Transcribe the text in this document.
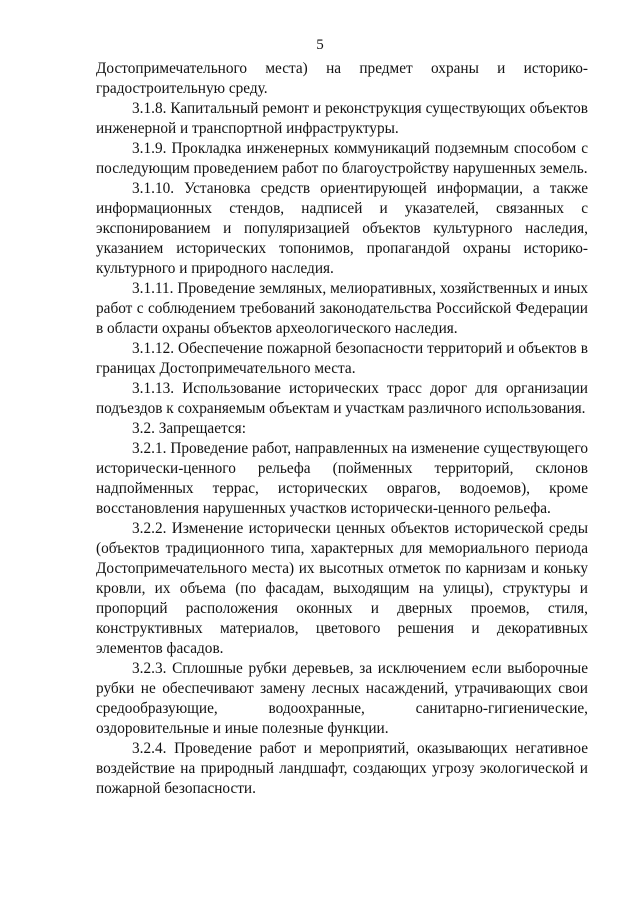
5

Достопримечательного места) на предмет охраны и историко-градостроительную среду.

3.1.8. Капитальный ремонт и реконструкция существующих объектов инженерной и транспортной инфраструктуры.

3.1.9. Прокладка инженерных коммуникаций подземным способом с последующим проведением работ по благоустройству нарушенных земель.

3.1.10. Установка средств ориентирующей информации, а также информационных стендов, надписей и указателей, связанных с экспонированием и популяризацией объектов культурного наследия, указанием исторических топонимов, пропагандой охраны историко-культурного и природного наследия.

3.1.11. Проведение земляных, мелиоративных, хозяйственных и иных работ с соблюдением требований законодательства Российской Федерации в области охраны объектов археологического наследия.

3.1.12. Обеспечение пожарной безопасности территорий и объектов в границах Достопримечательного места.

3.1.13. Использование исторических трасс дорог для организации подъездов к сохраняемым объектам и участкам различного использования.

3.2. Запрещается:

3.2.1. Проведение работ, направленных на изменение существующего исторически-ценного рельефа (пойменных территорий, склонов надпойменных террас, исторических оврагов, водоемов), кроме восстановления нарушенных участков исторически-ценного рельефа.

3.2.2. Изменение исторически ценных объектов исторической среды (объектов традиционного типа, характерных для мемориального периода Достопримечательного места) их высотных отметок по карнизам и коньку кровли, их объема (по фасадам, выходящим на улицы), структуры и пропорций расположения оконных и дверных проемов, стиля, конструктивных материалов, цветового решения и декоративных элементов фасадов.

3.2.3. Сплошные рубки деревьев, за исключением если выборочные рубки не обеспечивают замену лесных насаждений, утрачивающих свои средообразующие, водоохранные, санитарно-гигиенические, оздоровительные и иные полезные функции.

3.2.4. Проведение работ и мероприятий, оказывающих негативное воздействие на природный ландшафт, создающих угрозу экологической и пожарной безопасности.
